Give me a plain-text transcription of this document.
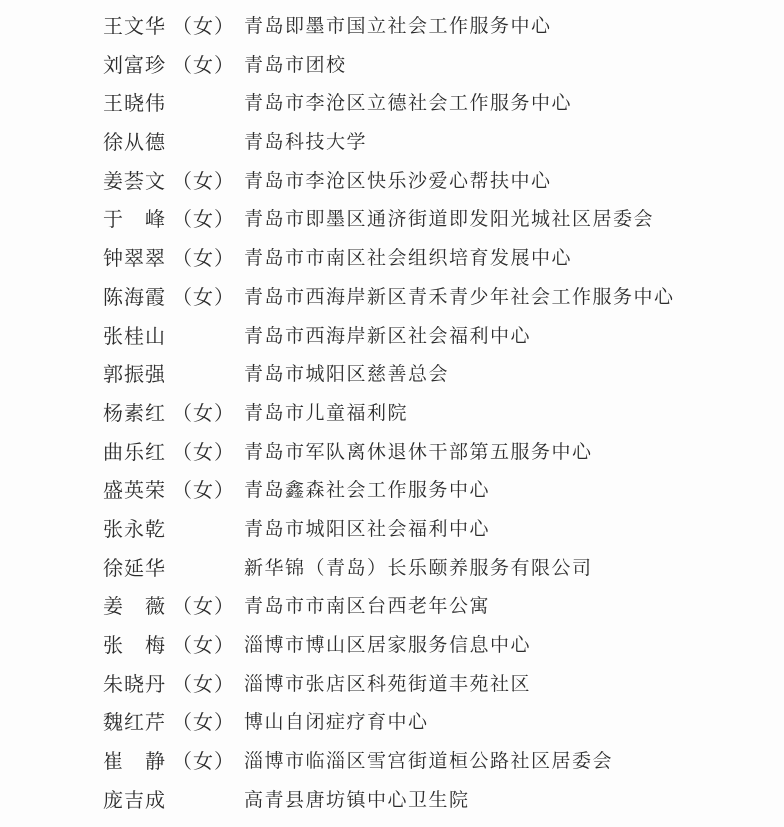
王文华 （女） 青岛即墨市国立社会工作服务中心
刘富珍 （女） 青岛市团校
王晓伟	青岛市李沧区立德社会工作服务中心
徐从德	青岛科技大学
姜荟文 （女） 青岛市李沧区快乐沙爱心帮扶中心
于　峰 （女） 青岛市即墨区通济街道即发阳光城社区居委会
钟翠翠 （女） 青岛市市南区社会组织培育发展中心
陈海霞 （女） 青岛市西海岸新区青禾青少年社会工作服务中心
张桂山	青岛市西海岸新区社会福利中心
郭振强	青岛市城阳区慈善总会
杨素红 （女） 青岛市儿童福利院
曲乐红 （女） 青岛市军队离休退休干部第五服务中心
盛英荣 （女） 青岛鑫森社会工作服务中心
张永乾	青岛市城阳区社会福利中心
徐延华	新华锦（青岛）长乐颐养服务有限公司
姜　薇 （女） 青岛市市南区台西老年公寓
张　梅 （女） 淄博市博山区居家服务信息中心
朱晓丹 （女） 淄博市张店区科苑街道丰苑社区
魏红芹 （女） 博山自闭症疗育中心
崔　静 （女） 淄博市临淄区雪宫街道桓公路社区居委会
庞吉成	高青县唐坊镇中心卫生院
